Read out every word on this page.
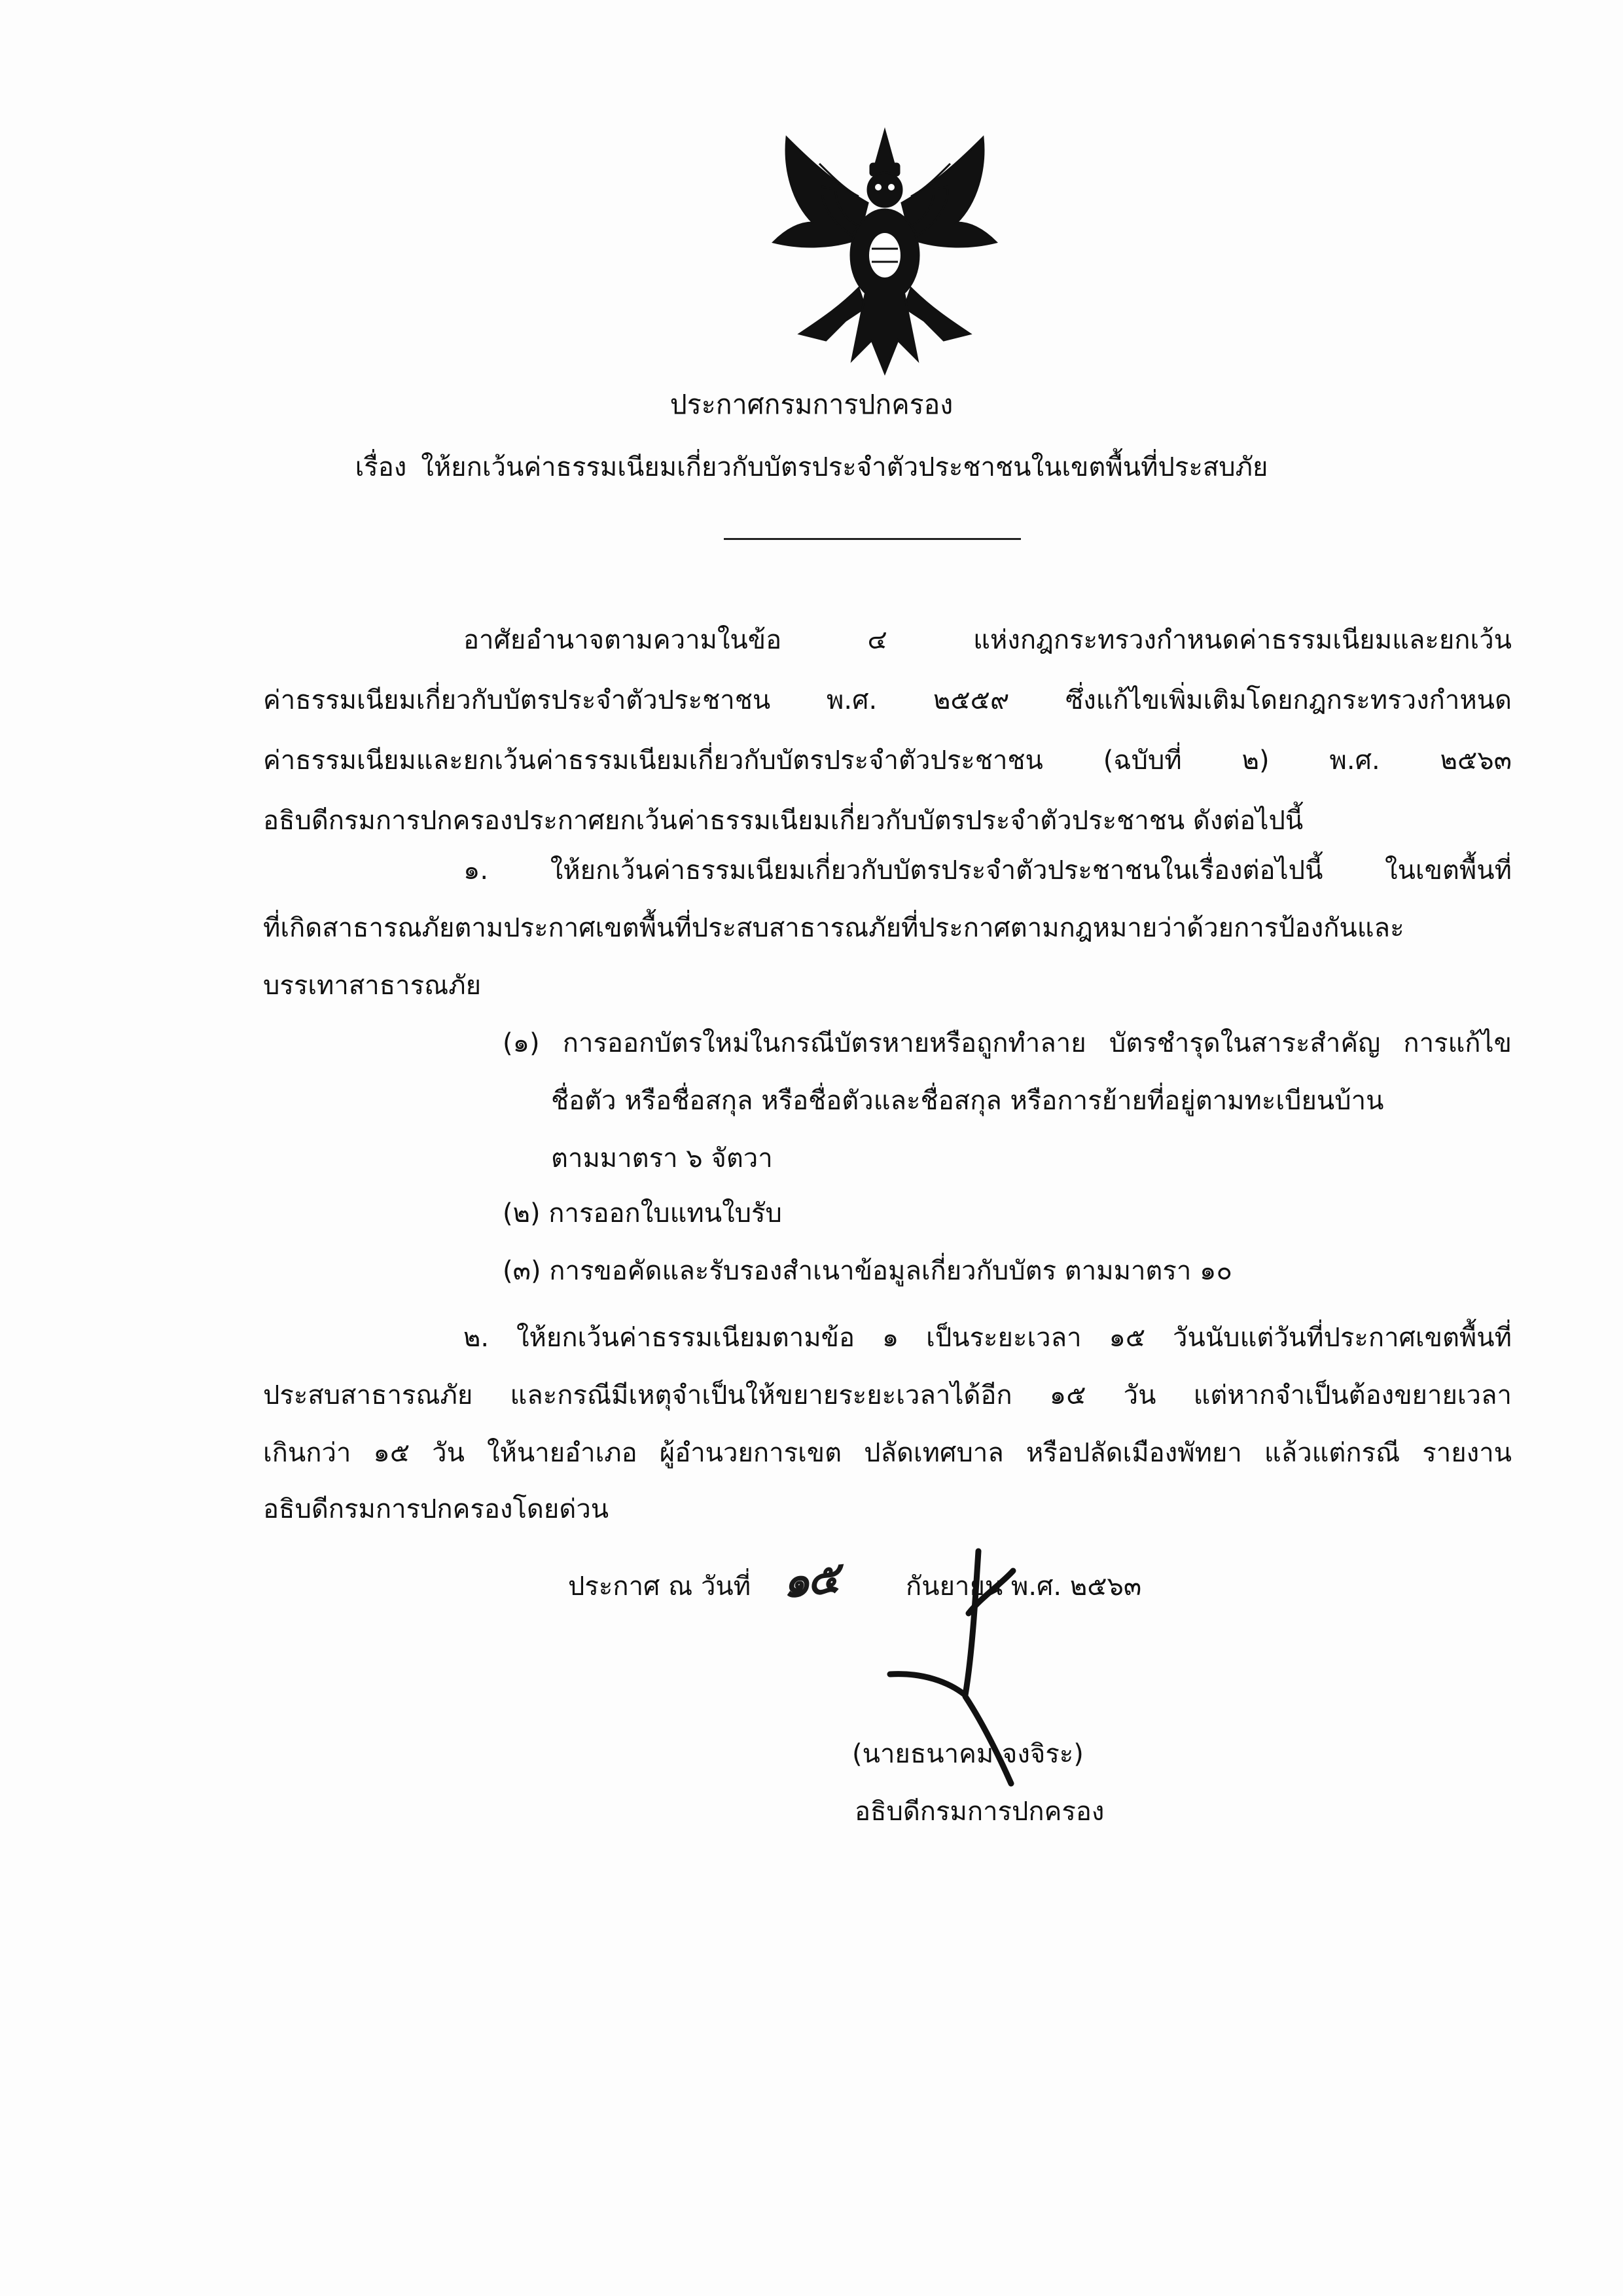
ประกาศกรมการปกครอง
เรื่อง ให้ยกเว้นค่าธรรมเนียมเกี่ยวกับบัตรประจำตัวประชาชนในเขตพื้นที่ประสบภัย
อาศัยอำนาจตามความในข้อ ๔ แห่งกฎกระทรวงกำหนดค่าธรรมเนียมและยกเว้น
ค่าธรรมเนียมเกี่ยวกับบัตรประจำตัวประชาชน พ.ศ. ๒๕๕๙ ซึ่งแก้ไขเพิ่มเติมโดยกฎกระทรวงกำหนด
ค่าธรรมเนียมและยกเว้นค่าธรรมเนียมเกี่ยวกับบัตรประจำตัวประชาชน (ฉบับที่ ๒) พ.ศ. ๒๕๖๓
อธิบดีกรมการปกครองประกาศยกเว้นค่าธรรมเนียมเกี่ยวกับบัตรประจำตัวประชาชน ดังต่อไปนี้
๑. ให้ยกเว้นค่าธรรมเนียมเกี่ยวกับบัตรประจำตัวประชาชนในเรื่องต่อไปนี้ ในเขตพื้นที่
ที่เกิดสาธารณภัยตามประกาศเขตพื้นที่ประสบสาธารณภัยที่ประกาศตามกฎหมายว่าด้วยการป้องกันและ
บรรเทาสาธารณภัย
(๑) การออกบัตรใหม่ในกรณีบัตรหายหรือถูกทำลาย บัตรชำรุดในสาระสำคัญ การแก้ไข
ชื่อตัว หรือชื่อสกุล หรือชื่อตัวและชื่อสกุล หรือการย้ายที่อยู่ตามทะเบียนบ้าน
ตามมาตรา ๖ จัตวา
(๒) การออกใบแทนใบรับ
(๓) การขอคัดและรับรองสำเนาข้อมูลเกี่ยวกับบัตร ตามมาตรา ๑๐
๒. ให้ยกเว้นค่าธรรมเนียมตามข้อ ๑ เป็นระยะเวลา ๑๕ วันนับแต่วันที่ประกาศเขตพื้นที่
ประสบสาธารณภัย และกรณีมีเหตุจำเป็นให้ขยายระยะเวลาได้อีก ๑๕ วัน แต่หากจำเป็นต้องขยายเวลา
เกินกว่า ๑๕ วัน ให้นายอำเภอ ผู้อำนวยการเขต ปลัดเทศบาล หรือปลัดเมืองพัทยา แล้วแต่กรณี รายงาน
อธิบดีกรมการปกครองโดยด่วน
ประกาศ ณ วันที่ ๑๕	กันยายน พ.ศ. ๒๕๖๓
(นายธนาคม จงจิระ)
อธิบดีกรมการปกครอง
